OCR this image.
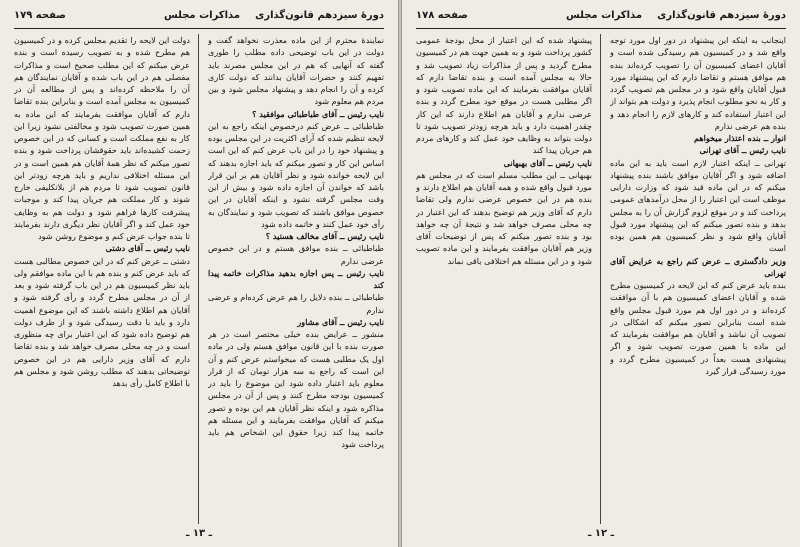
دورهٔ سیزدهم قانون‌گذاری
مذاکرات مجلس
صفحه ۱۷۹

نمایندهٔ محترم از این ماده معذرت نخواهد گفت و دولت در این باب توضیحی داده مطلب را طوری گفته که آنهایی که هم در این مجلس مصرند باید تفهیم کنند و حضرات آقایان بدانند که دولت کاری کرده و آن را انجام دهد و پیشنهاد مجلس شود و بین مردم هم معلوم شود

نایب رئیس ــ آقای طباطبائی موافقید ؟

طباطبائی ــ عرض کنم درخصوص اینکه راجع به این لایحه تنظیم شده که آرای اکثریت در این مجلس بوده و پیشنهاد خود را در این باب عرض کنم که این است اساس این کار و تصور میکنم که باید اجازه بدهند که این لایحه خوانده شود و نظر آقایان هم بر این قرار باشد که خواندن آن اجازه داده شود و بیش از این وقت مجلس گرفته نشود و اینکه آقایان در این خصوص موافق باشند که تصویب شود و نمایندگان به رأی خود عمل کنند و خاتمه داده شود

نایب رئیس ــ آقای مخالف هستید ؟

طباطبائی ــ بنده موافق هستم و در این خصوص عرضی ندارم

نایب رئیس ــ پس اجازه بدهید مذاکرات خاتمه پیدا کند

طباطبائی ــ بنده دلایل را هم عرض کرده‌ام و عرضی ندارم

نایب رئیس ــ آقای مشاور

منشور ــ عرایض بنده خیلی مختصر است در هر صورت بنده با این قانون موافق هستم ولی در ماده اول یک مطلبی هست که میخواستم عرض کنم و آن این است که راجع به سه هزار تومان که از قرار معلوم باید اعتبار داده شود این موضوع را باید در کمیسیون بودجه مطرح کنند و پس از آن در مجلس مذاکره شود و اینکه نظر آقایان هم این بوده و تصور میکنم که آقایان موافقت بفرمایند و این مسئله هم خاتمه پیدا کند زیرا حقوق این اشخاص هم باید پرداخت شود

دولت این لایحه را تقدیم مجلس کرده و در کمیسیون هم مطرح شده و به تصویب رسیده است و بنده عرض میکنم که این مطلب صحیح است و مذاکرات مفصلی هم در این باب شده و آقایان نمایندگان هم آن را ملاحظه کرده‌اند و پس از مطالعه آن در کمیسیون به مجلس آمده است و بنابراین بنده تقاضا دارم که آقایان موافقت بفرمایند که این ماده به همین صورت تصویب شود و مخالفتی نشود زیرا این کار به نفع مملکت است و کسانی که در این خصوص زحمت کشیده‌اند باید حقوقشان پرداخت شود و بنده تصور میکنم که نظر همهٔ آقایان هم همین است و در این مسئله اختلافی نداریم و باید هرچه زودتر این قانون تصویب شود تا مردم هم از بلاتکلیفی خارج شوند و کار مملکت هم جریان پیدا کند و موجبات پیشرفت کارها فراهم شود و دولت هم به وظایف خود عمل کند و اگر آقایان نظر دیگری دارند بفرمایند تا بنده جواب عرض کنم و موضوع روشن شود

نایب رئیس ــ آقای دشتی

دشتی ــ عرض کنم که در این خصوص مطالبی هست که باید عرض کنم و بنده هم با این ماده موافقم ولی باید نظر کمیسیون هم در این باب گرفته شود و بعد از آن در مجلس مطرح گردد و رأی گرفته شود و آقایان هم اطلاع داشته باشند که این موضوع اهمیت دارد و باید با دقت رسیدگی شود و از طرف دولت هم توضیح داده شود که این اعتبار برای چه منظوری است و در چه محلی مصرف خواهد شد و بنده تقاضا دارم که آقای وزیر دارایی هم در این خصوص توضیحاتی بدهند که مطلب روشن شود و مجلس هم با اطلاع کامل رأی بدهد

ـ ۱۳ ـ
دورهٔ سیزدهم قانون‌گذاری
مذاکرات مجلس
صفحه ۱۷۸

اینجانب به اینکه این پیشنهاد در دور اول مورد توجه واقع شد و در کمیسیون هم رسیدگی شده است و آقایان اعضای کمیسیون آن را تصویب کرده‌اند بنده هم موافق هستم و تقاضا دارم که این پیشنهاد مورد قبول آقایان واقع شود و در مجلس هم تصویب گردد و کار به نحو مطلوب انجام پذیرد و دولت هم بتواند از این اعتبار استفاده کند و کارهای لازم را انجام دهد و بنده هم عرضی ندارم

انوار ــ بنده اعتذار میخواهم

نایب رئیس ــ آقای تهرانی

تهرانی ــ اینکه اعتبار لازم است باید به این ماده اضافه شود و اگر آقایان موافق باشند بنده پیشنهاد میکنم که در این ماده قید شود که وزارت دارایی موظف است این اعتبار را از محل درآمدهای عمومی پرداخت کند و در موقع لزوم گزارش آن را به مجلس بدهد و بنده تصور میکنم که این پیشنهاد مورد قبول آقایان واقع شود و نظر کمیسیون هم همین بوده است

وزیر دادگستری ــ عرض کنم راجع به عرایض آقای تهرانی

بنده باید عرض کنم که این لایحه در کمیسیون مطرح شده و آقایان اعضای کمیسیون هم با آن موافقت کرده‌اند و در دور اول هم مورد قبول مجلس واقع شده است بنابراین تصور میکنم که اشکالی در تصویب آن نباشد و آقایان هم موافقت بفرمایند که این ماده با همین صورت تصویب شود و اگر پیشنهادی هست بعداً در کمیسیون مطرح گردد و مورد رسیدگی قرار گیرد

پیشنهاد شده که این اعتبار از محل بودجهٔ عمومی کشور پرداخت شود و به همین جهت هم در کمیسیون مطرح گردید و پس از مذاکرات زیاد تصویب شد و حالا به مجلس آمده است و بنده تقاضا دارم که آقایان موافقت بفرمایند که این ماده تصویب شود و اگر مطلبی هست در موقع خود مطرح گردد و بنده عرضی ندارم و آقایان هم اطلاع دارند که این کار چقدر اهمیت دارد و باید هرچه زودتر تصویب شود تا دولت بتواند به وظایف خود عمل کند و کارهای مردم هم جریان پیدا کند

نایب رئیس ــ آقای بهبهانی

بهبهانی ــ این مطلب مسلم است که در مجلس هم مورد قبول واقع شده و همه آقایان هم اطلاع دارند و بنده هم در این خصوص عرضی ندارم ولی تقاضا دارم که آقای وزیر هم توضیح بدهند که این اعتبار در چه محلی مصرف خواهد شد و نتیجهٔ آن چه خواهد بود و بنده تصور میکنم که پس از توضیحات آقای وزیر هم آقایان موافقت بفرمایند و این ماده تصویب شود و در این مسئله هم اختلافی باقی نماند

ـ ۱۲ ـ
